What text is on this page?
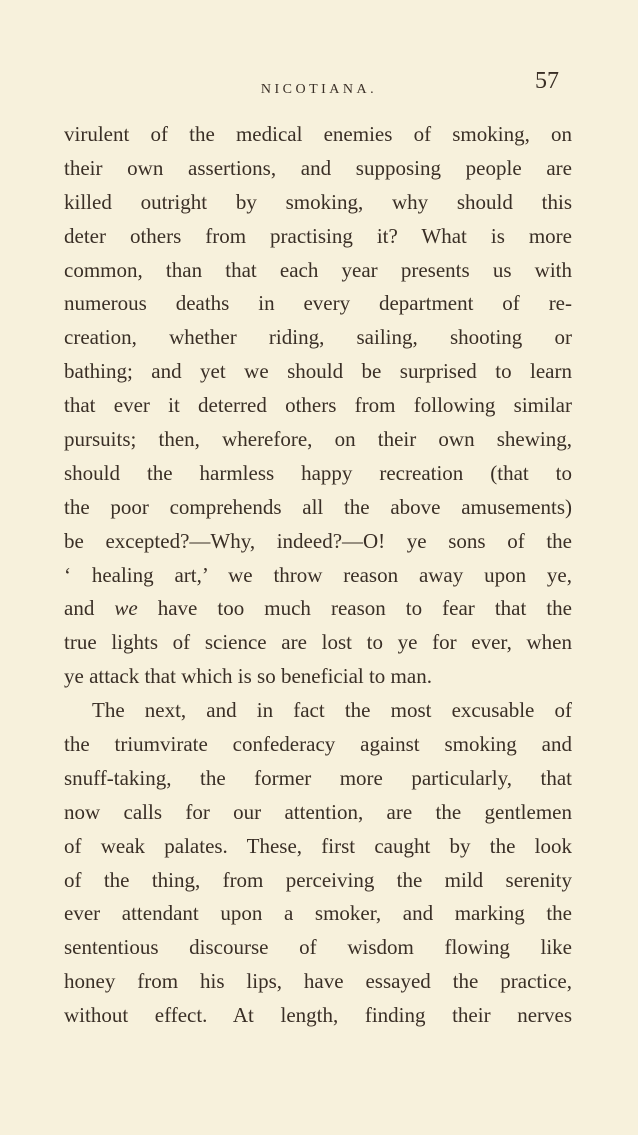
NICOTIANA.	57
virulent of the medical enemies of smoking, on
their own assertions, and supposing people are
killed outright by smoking, why should this
deter others from practising it? What is more
common, than that each year presents us with
numerous deaths in every department of re-
creation, whether riding, sailing, shooting or
bathing; and yet we should be surprised to learn
that ever it deterred others from following similar
pursuits; then, wherefore, on their own shewing,
should the harmless happy recreation (that to
the poor comprehends all the above amusements)
be excepted?—Why, indeed?—O! ye sons of the
‘ healing art,’ we throw reason away upon ye,
and we have too much reason to fear that the
true lights of science are lost to ye for ever, when
ye attack that which is so beneficial to man.
The next, and in fact the most excusable of
the triumvirate confederacy against smoking and
snuff-taking, the former more particularly, that
now calls for our attention, are the gentlemen
of weak palates. These, first caught by the look
of the thing, from perceiving the mild serenity
ever attendant upon a smoker, and marking the
sententious discourse of wisdom flowing like
honey from his lips, have essayed the practice,
without effect. At length, finding their nerves
